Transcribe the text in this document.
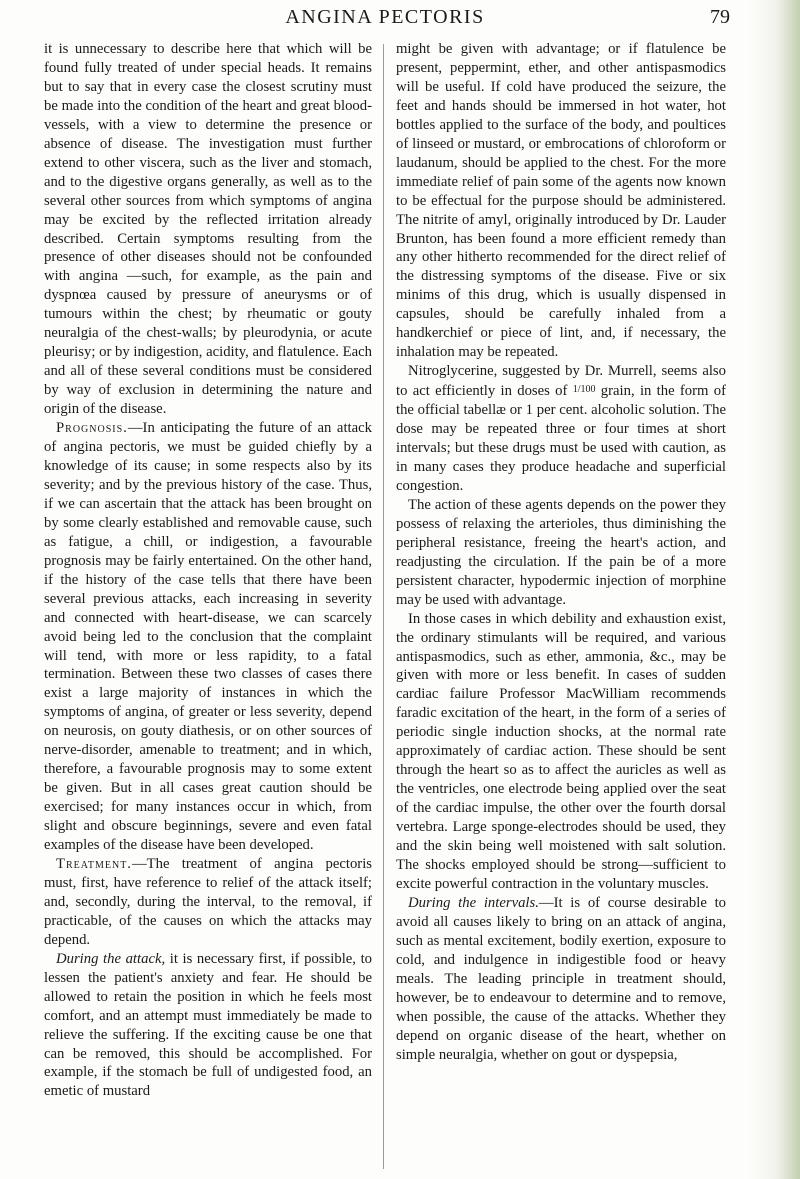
ANGINA PECTORIS	79

it is unnecessary to describe here that which will be found fully treated of under special heads. It remains but to say that in every case the closest scrutiny must be made into the condition of the heart and great blood-vessels, with a view to determine the presence or absence of disease. The investigation must further extend to other viscera, such as the liver and stomach, and to the digestive organs generally, as well as to the several other sources from which symptoms of angina may be excited by the reflected irritation already described. Certain symptoms resulting from the presence of other diseases should not be confounded with angina —such, for example, as the pain and dyspnœa caused by pressure of aneurysms or of tumours within the chest; by rheumatic or gouty neuralgia of the chest-walls; by pleurodynia, or acute pleurisy; or by indigestion, acidity, and flatulence. Each and all of these several conditions must be considered by way of exclusion in determining the nature and origin of the disease.

Prognosis.—In anticipating the future of an attack of angina pectoris, we must be guided chiefly by a knowledge of its cause; in some respects also by its severity; and by the previous history of the case. Thus, if we can ascertain that the attack has been brought on by some clearly established and removable cause, such as fatigue, a chill, or indigestion, a favourable prognosis may be fairly entertained. On the other hand, if the history of the case tells that there have been several previous attacks, each increasing in severity and connected with heart-disease, we can scarcely avoid being led to the conclusion that the complaint will tend, with more or less rapidity, to a fatal termination. Between these two classes of cases there exist a large majority of instances in which the symptoms of angina, of greater or less severity, depend on neurosis, on gouty diathesis, or on other sources of nerve-disorder, amenable to treatment; and in which, therefore, a favourable prognosis may to some extent be given. But in all cases great caution should be exercised; for many instances occur in which, from slight and obscure beginnings, severe and even fatal examples of the disease have been developed.

Treatment.—The treatment of angina pectoris must, first, have reference to relief of the attack itself; and, secondly, during the interval, to the removal, if practicable, of the causes on which the attacks may depend.

During the attack, it is necessary first, if possible, to lessen the patient's anxiety and fear. He should be allowed to retain the position in which he feels most comfort, and an attempt must immediately be made to relieve the suffering. If the exciting cause be one that can be removed, this should be accomplished. For example, if the stomach be full of undigested food, an emetic of mustard

might be given with advantage; or if flatulence be present, peppermint, ether, and other antispasmodics will be useful. If cold have produced the seizure, the feet and hands should be immersed in hot water, hot bottles applied to the surface of the body, and poultices of linseed or mustard, or embrocations of chloroform or laudanum, should be applied to the chest. For the more immediate relief of pain some of the agents now known to be effectual for the purpose should be administered. The nitrite of amyl, originally introduced by Dr. Lauder Brunton, has been found a more efficient remedy than any other hitherto recommended for the direct relief of the distressing symptoms of the disease. Five or six minims of this drug, which is usually dispensed in capsules, should be carefully inhaled from a handkerchief or piece of lint, and, if necessary, the inhalation may be repeated.

Nitroglycerine, suggested by Dr. Murrell, seems also to act efficiently in doses of $^{1/100}$ grain, in the form of the official tabellæ or 1 per cent. alcoholic solution. The dose may be repeated three or four times at short intervals; but these drugs must be used with caution, as in many cases they produce headache and superficial congestion.

The action of these agents depends on the power they possess of relaxing the arterioles, thus diminishing the peripheral resistance, freeing the heart's action, and readjusting the circulation. If the pain be of a more persistent character, hypodermic injection of morphine may be used with advantage.

In those cases in which debility and exhaustion exist, the ordinary stimulants will be required, and various antispasmodics, such as ether, ammonia, &c., may be given with more or less benefit. In cases of sudden cardiac failure Professor MacWilliam recommends faradic excitation of the heart, in the form of a series of periodic single induction shocks, at the normal rate approximately of cardiac action. These should be sent through the heart so as to affect the auricles as well as the ventricles, one electrode being applied over the seat of the cardiac impulse, the other over the fourth dorsal vertebra. Large sponge-electrodes should be used, they and the skin being well moistened with salt solution. The shocks employed should be strong—sufficient to excite powerful contraction in the voluntary muscles.

During the intervals.—It is of course desirable to avoid all causes likely to bring on an attack of angina, such as mental excitement, bodily exertion, exposure to cold, and indulgence in indigestible food or heavy meals. The leading principle in treatment should, however, be to endeavour to determine and to remove, when possible, the cause of the attacks. Whether they depend on organic disease of the heart, whether on simple neuralgia, whether on gout or dyspepsia,
